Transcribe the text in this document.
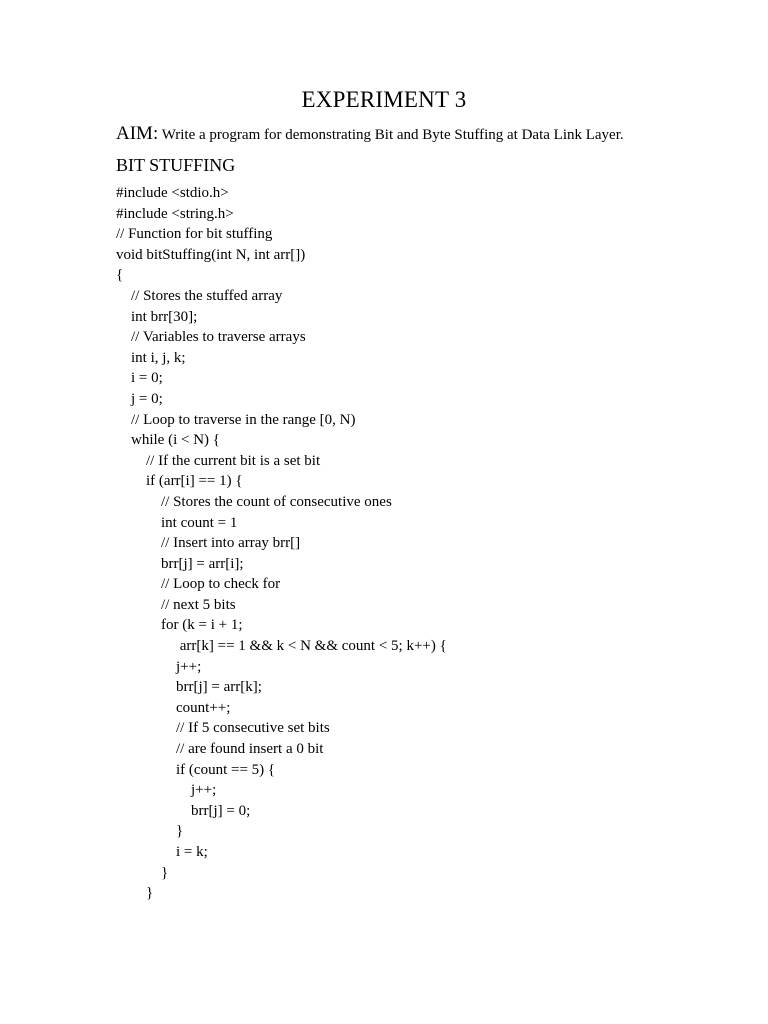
EXPERIMENT 3
AIM: Write a program for demonstrating Bit and Byte Stuffing at Data Link Layer.
BIT STUFFING
#include <stdio.h>
#include <string.h>
// Function for bit stuffing
void bitStuffing(int N, int arr[])
{
// Stores the stuffed array
int brr[30];
// Variables to traverse arrays
int i, j, k;
i = 0;
j = 0;
// Loop to traverse in the range [0, N)
while (i < N) {
// If the current bit is a set bit
if (arr[i] == 1) {
// Stores the count of consecutive ones
int count = 1
// Insert into array brr[]
brr[j] = arr[i];
// Loop to check for
// next 5 bits
for (k = i + 1;
arr[k] == 1 && k < N && count < 5; k++) {
j++;
brr[j] = arr[k];
count++;
// If 5 consecutive set bits
// are found insert a 0 bit
if (count == 5) {
j++;
brr[j] = 0;
}
i = k;
}
}
